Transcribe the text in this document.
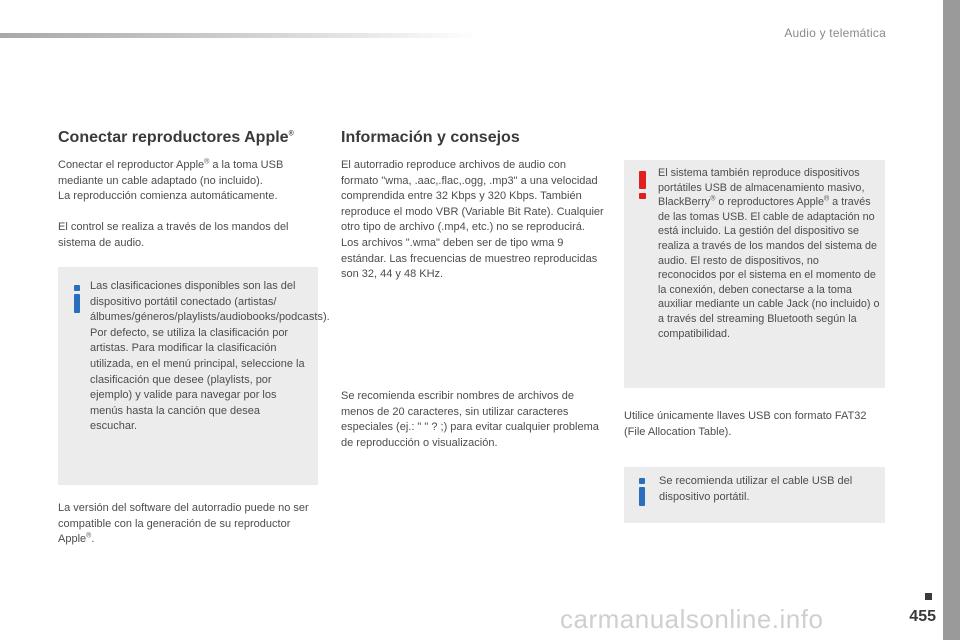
Audio y telemática
Conectar reproductores Apple®

Conectar el reproductor Apple® a la toma USB
mediante un cable adaptado (no incluido).
La reproducción comienza automáticamente.

El control se realiza a través de los mandos del sistema de audio.

Las clasificaciones disponibles son las del dispositivo portátil conectado (artistas/álbumes/géneros/playlists/audiobooks/podcasts). Por defecto, se utiliza la clasificación por artistas. Para modificar la clasificación utilizada, en el menú principal, seleccione la clasificación que desee (playlists, por ejemplo) y valide para navegar por los menús hasta la canción que desea escuchar.

La versión del software del autorradio puede no ser compatible con la generación de su reproductor Apple®.

Información y consejos

El autorradio reproduce archivos de audio con formato "wma, .aac,.flac,.ogg, .mp3" a una velocidad comprendida entre 32 Kbps y 320 Kbps. También reproduce el modo VBR (Variable Bit Rate). Cualquier otro tipo de archivo (.mp4, etc.) no se reproducirá. Los archivos ".wma" deben ser de tipo wma 9 estándar. Las frecuencias de muestreo reproducidas son 32, 44 y 48 KHz.

Se recomienda escribir nombres de archivos de menos de 20 caracteres, sin utilizar caracteres especiales (ej.: " " ? ;) para evitar cualquier problema de reproducción o visualización.

El sistema también reproduce dispositivos portátiles USB de almacenamiento masivo, BlackBerry® o reproductores Apple® a través de las tomas USB. El cable de adaptación no está incluido. La gestión del dispositivo se realiza a través de los mandos del sistema de audio. El resto de dispositivos, no reconocidos por el sistema en el momento de la conexión, deben conectarse a la toma auxiliar mediante un cable Jack (no incluido) o a través del streaming Bluetooth según la compatibilidad.

Utilice únicamente llaves USB con formato FAT32 (File Allocation Table).

Se recomienda utilizar el cable USB del dispositivo portátil.

carmanualsonline.info	455
